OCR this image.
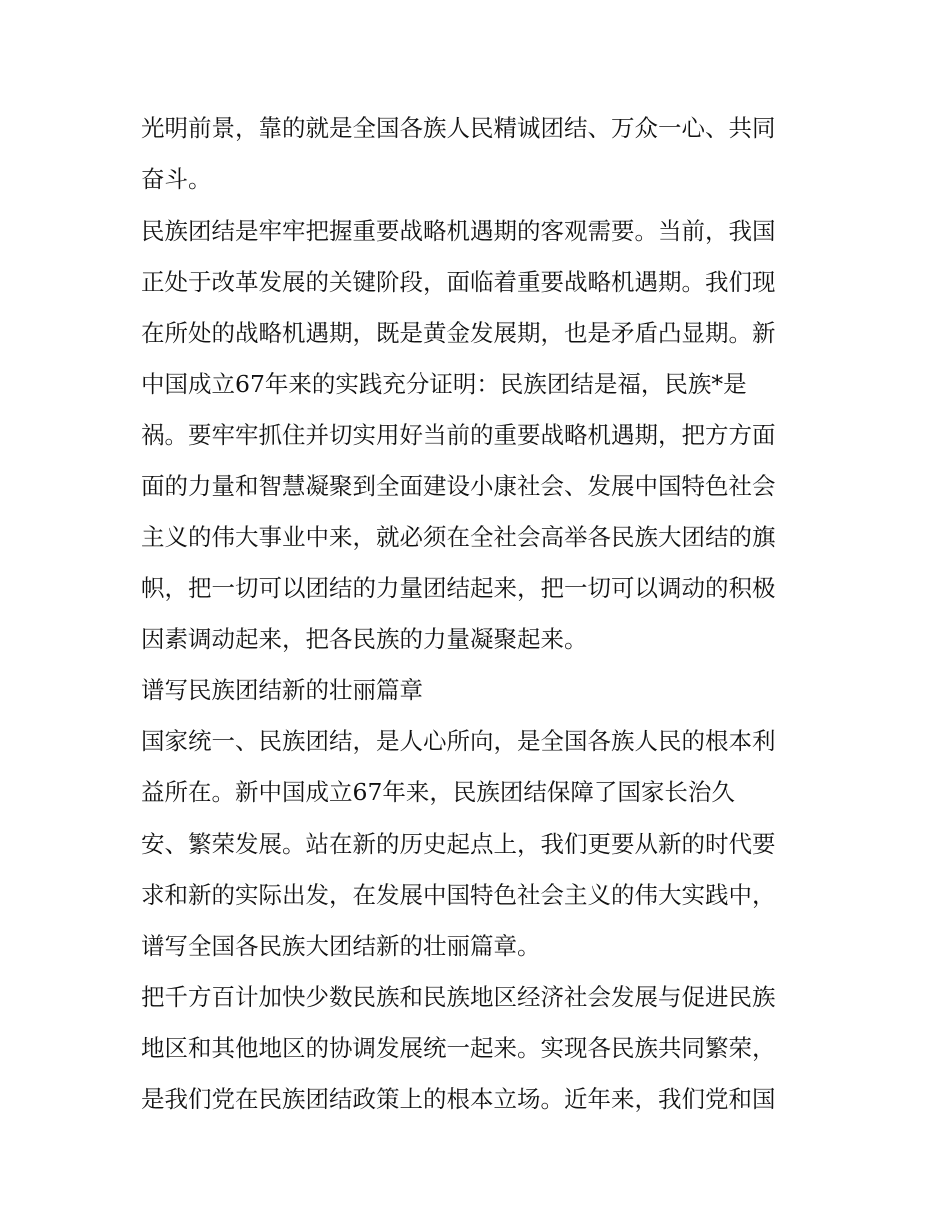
光明前景，靠的就是全国各族人民精诚团结、万众一心、共同
奋斗。
民族团结是牢牢把握重要战略机遇期的客观需要。当前，我国
正处于改革发展的关键阶段，面临着重要战略机遇期。我们现
在所处的战略机遇期，既是黄金发展期，也是矛盾凸显期。新
中国成立67年来的实践充分证明：民族团结是福，民族*是
祸。要牢牢抓住并切实用好当前的重要战略机遇期，把方方面
面的力量和智慧凝聚到全面建设小康社会、发展中国特色社会
主义的伟大事业中来，就必须在全社会高举各民族大团结的旗
帜，把一切可以团结的力量团结起来，把一切可以调动的积极
因素调动起来，把各民族的力量凝聚起来。
谱写民族团结新的壮丽篇章
国家统一、民族团结，是人心所向，是全国各族人民的根本利
益所在。新中国成立67年来，民族团结保障了国家长治久
安、繁荣发展。站在新的历史起点上，我们更要从新的时代要
求和新的实际出发，在发展中国特色社会主义的伟大实践中，
谱写全国各民族大团结新的壮丽篇章。
把千方百计加快少数民族和民族地区经济社会发展与促进民族
地区和其他地区的协调发展统一起来。实现各民族共同繁荣，
是我们党在民族团结政策上的根本立场。近年来，我们党和国
